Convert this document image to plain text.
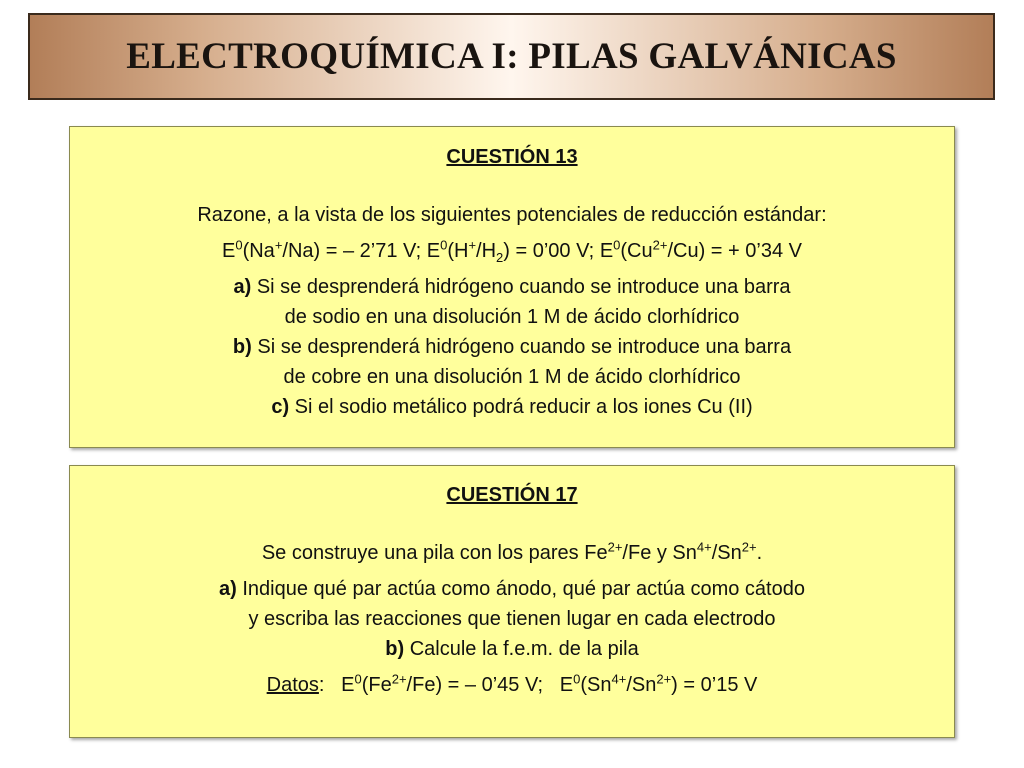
ELECTROQUÍMICA I: PILAS GALVÁNICAS
CUESTIÓN 13
Razone, a la vista de los siguientes potenciales de reducción estándar:
$E^0(Na^+/Na)$ = – 2’71 V; $E^0(H^+/H_2)$ = 0’00 V; $E^0(Cu^{2+}/Cu)$ = + 0’34 V
a) Si se desprenderá hidrógeno cuando se introduce una barra
de sodio en una disolución 1 M de ácido clorhídrico
b) Si se desprenderá hidrógeno cuando se introduce una barra
de cobre en una disolución 1 M de ácido clorhídrico
c) Si el sodio metálico podrá reducir a los iones Cu (II)
CUESTIÓN 17
Se construye una pila con los pares $Fe^{2+}/Fe$ y $Sn^{4+}/Sn^{2+}$.
a) Indique qué par actúa como ánodo, qué par actúa como cátodo
y escriba las reacciones que tienen lugar en cada electrodo
b) Calcule la f.e.m. de la pila
Datos:   $E^0(Fe^{2+}/Fe)$ = – 0’45 V;   $E^0(Sn^{4+}/Sn^{2+})$ = 0’15 V
